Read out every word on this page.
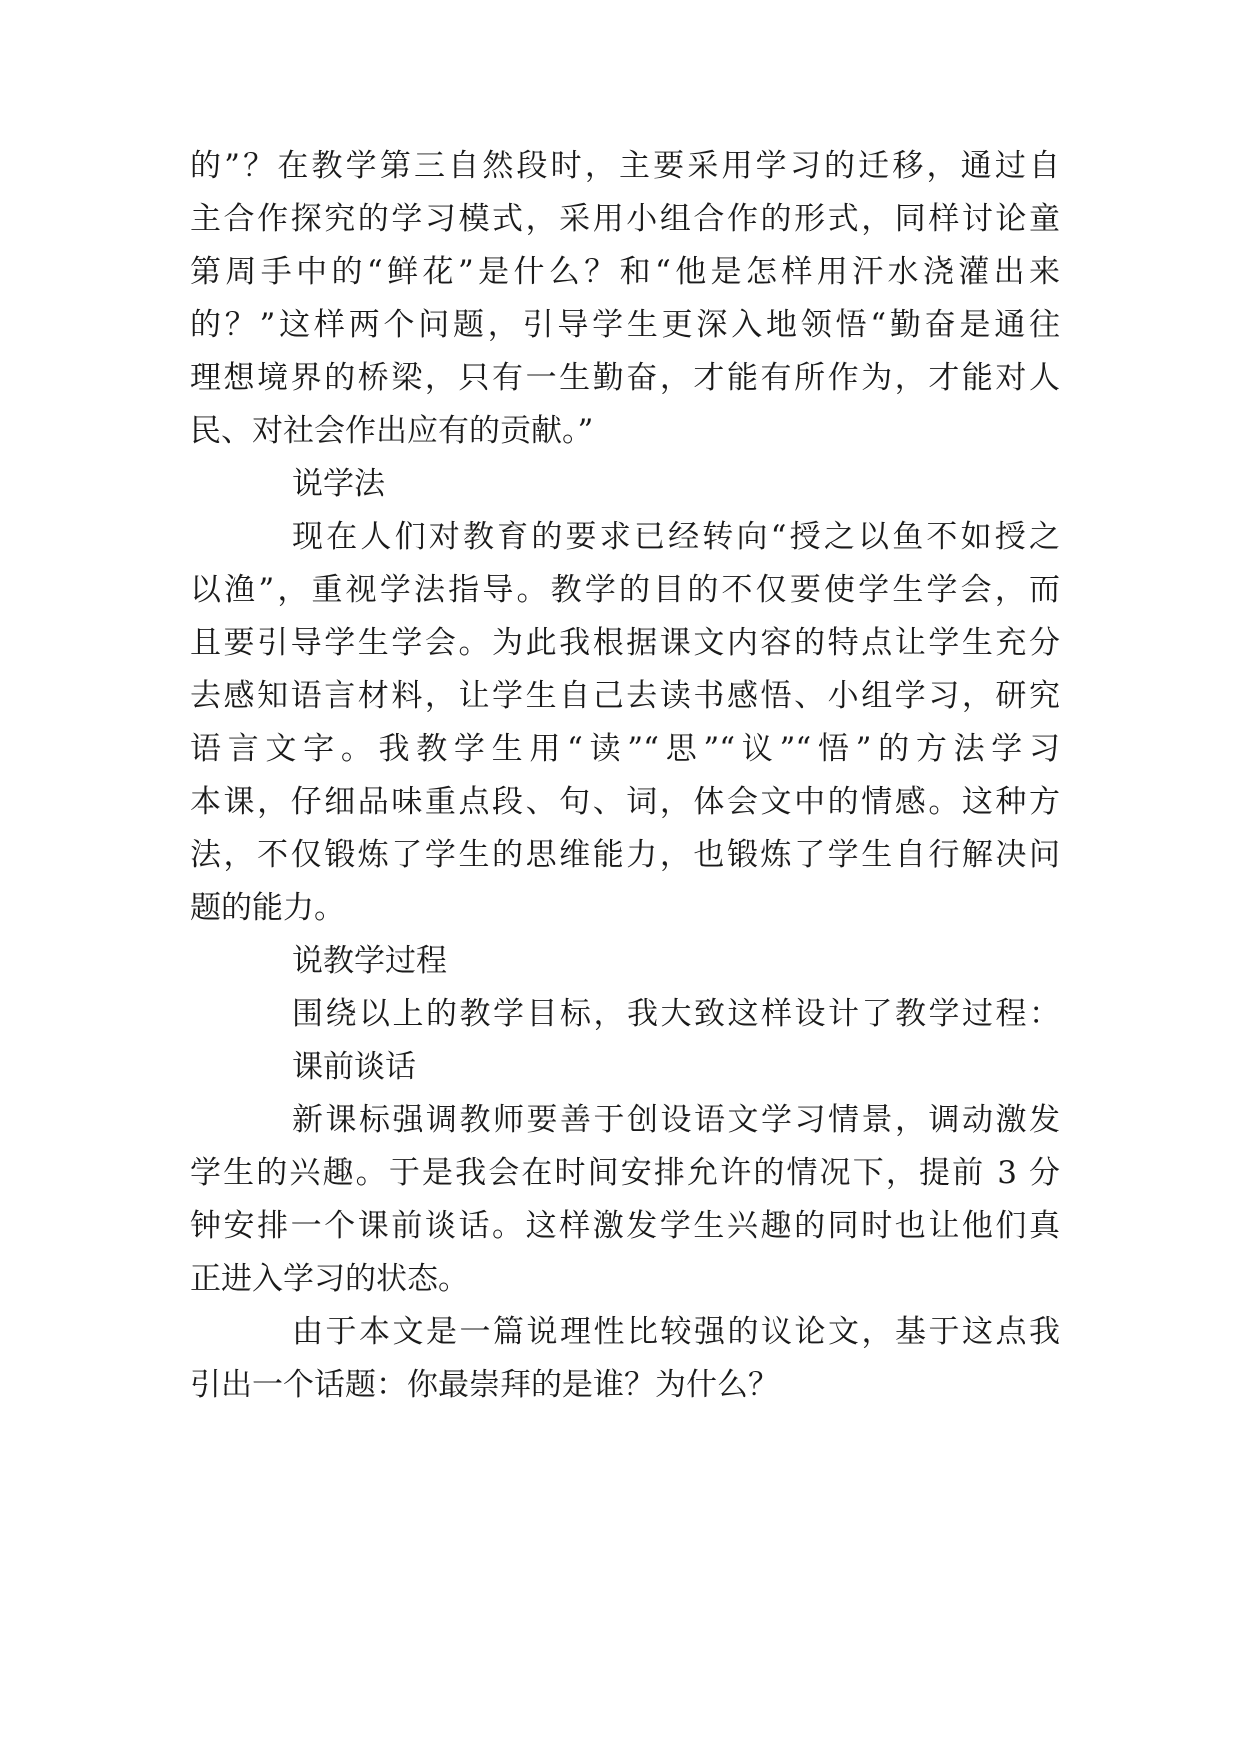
的”？在教学第三自然段时，主要采用学习的迁移，通过自
主合作探究的学习模式，采用小组合作的形式，同样讨论童
第周手中的“鲜花”是什么？和“他是怎样用汗水浇灌出来
的？”这样两个问题，引导学生更深入地领悟“勤奋是通往
理想境界的桥梁，只有一生勤奋，才能有所作为，才能对人
民、对社会作出应有的贡献。”
说学法
现在人们对教育的要求已经转向“授之以鱼不如授之
以渔”，重视学法指导。教学的目的不仅要使学生学会，而
且要引导学生学会。为此我根据课文内容的特点让学生充分
去感知语言材料，让学生自己去读书感悟、小组学习，研究
语言文字。我教学生用“读”“思”“议”“悟”的方法学习
本课，仔细品味重点段、句、词，体会文中的情感。这种方
法，不仅锻炼了学生的思维能力，也锻炼了学生自行解决问
题的能力。
说教学过程
围绕以上的教学目标，我大致这样设计了教学过程：
课前谈话
新课标强调教师要善于创设语文学习情景，调动激发
学生的兴趣。于是我会在时间安排允许的情况下，提前 3 分
钟安排一个课前谈话。这样激发学生兴趣的同时也让他们真
正进入学习的状态。
由于本文是一篇说理性比较强的议论文，基于这点我
引出一个话题：你最崇拜的是谁？为什么？
